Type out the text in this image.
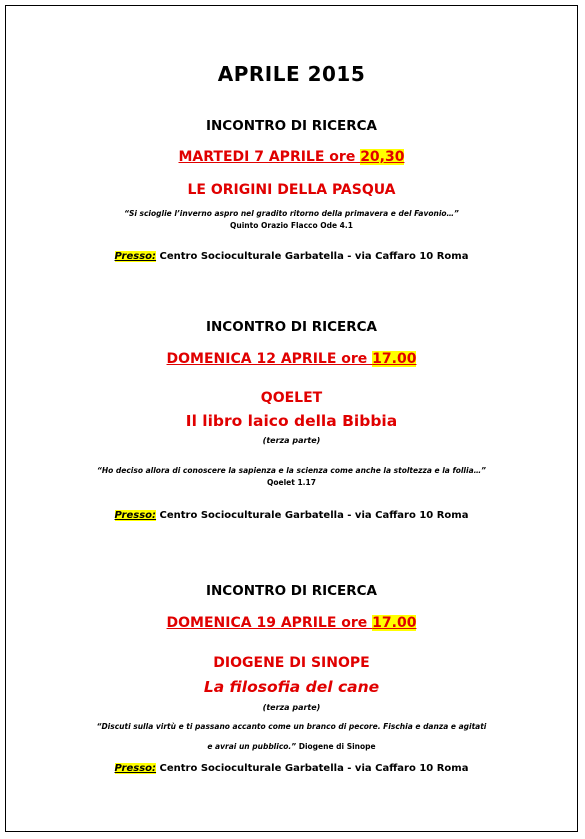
APRILE 2015
INCONTRO DI RICERCA
MARTEDI 7 APRILE ore 20,30
LE ORIGINI DELLA PASQUA
“Si scioglie l’inverno aspro nel gradito ritorno della primavera e del Favonio…”
Quinto Orazio Flacco Ode 4.1
Presso: Centro Socioculturale Garbatella - via Caffaro 10 Roma
INCONTRO DI RICERCA
DOMENICA 12 APRILE ore 17.00
QOELET
Il libro laico della Bibbia
(terza parte)
“Ho deciso allora di conoscere la sapienza e la scienza come anche la stoltezza e la follia…”
Qoelet 1.17
Presso: Centro Socioculturale Garbatella - via Caffaro 10 Roma
INCONTRO DI RICERCA
DOMENICA 19 APRILE ore 17.00
DIOGENE DI SINOPE
La filosofia del cane
(terza parte)
“Discuti sulla virtù e ti passano accanto come un branco di pecore. Fischia e danza e agitati
e avrai un pubblico.” Diogene di Sinope
Presso: Centro Socioculturale Garbatella - via Caffaro 10 Roma
